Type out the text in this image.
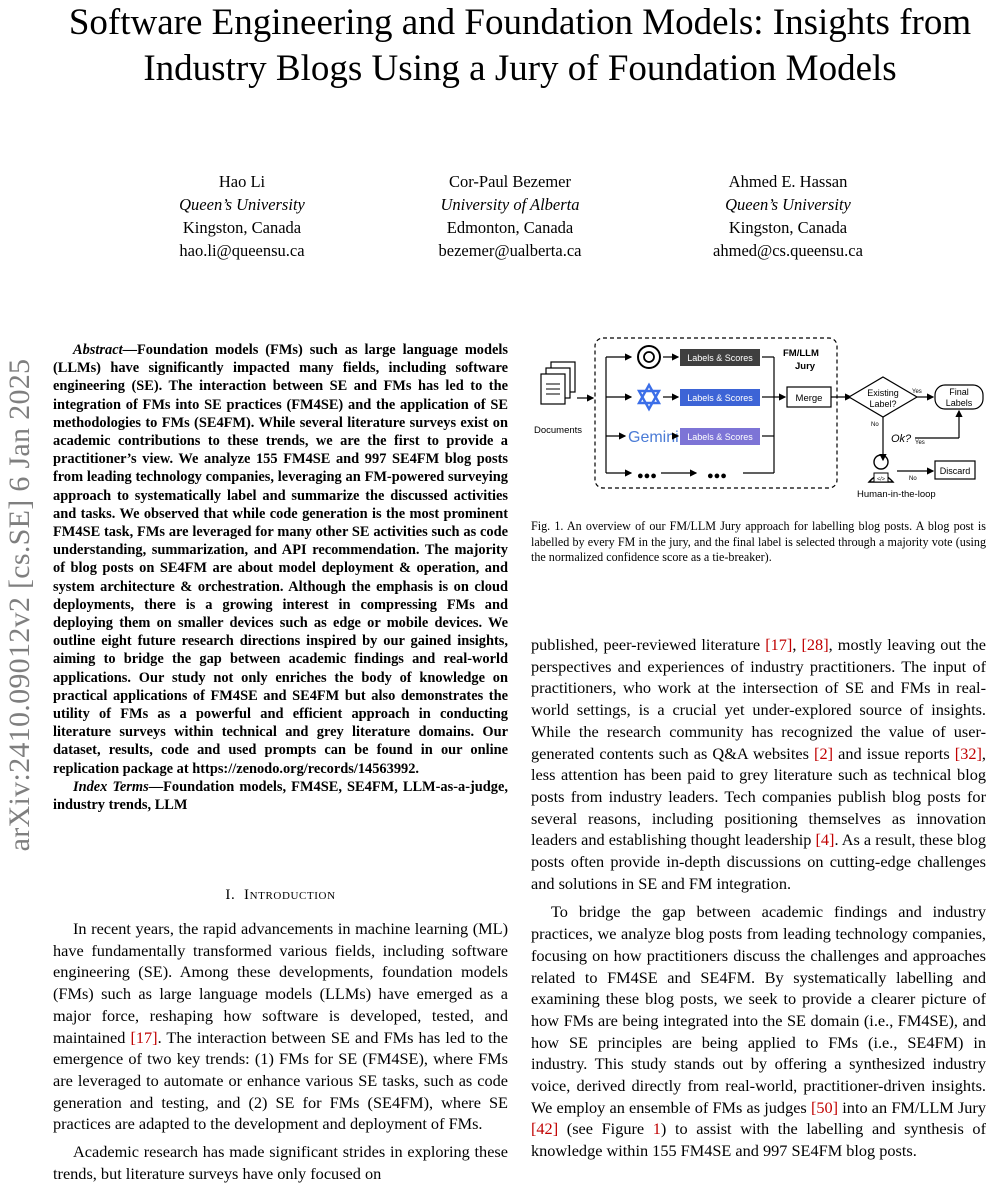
arXiv:2410.09012v2 [cs.SE] 6 Jan 2025
Software Engineering and Foundation Models: Insights from Industry Blogs Using a Jury of Foundation Models
Hao Li
Queen’s University
Kingston, Canada
hao.li@queensu.ca
Cor-Paul Bezemer
University of Alberta
Edmonton, Canada
bezemer@ualberta.ca
Ahmed E. Hassan
Queen’s University
Kingston, Canada
ahmed@cs.queensu.ca
Abstract—Foundation models (FMs) such as large language models (LLMs) have significantly impacted many fields, including software engineering (SE). The interaction between SE and FMs has led to the integration of FMs into SE practices (FM4SE) and the application of SE methodologies to FMs (SE4FM). While several literature surveys exist on academic contributions to these trends, we are the first to provide a practitioner’s view. We analyze 155 FM4SE and 997 SE4FM blog posts from leading technology companies, leveraging an FM-powered surveying approach to systematically label and summarize the discussed activities and tasks. We observed that while code generation is the most prominent FM4SE task, FMs are leveraged for many other SE activities such as code understanding, summarization, and API recommendation. The majority of blog posts on SE4FM are about model deployment & operation, and system architecture & orchestration. Although the emphasis is on cloud deployments, there is a growing interest in compressing FMs and deploying them on smaller devices such as edge or mobile devices. We outline eight future research directions inspired by our gained insights, aiming to bridge the gap between academic findings and real-world applications. Our study not only enriches the body of knowledge on practical applications of FM4SE and SE4FM but also demonstrates the utility of FMs as a powerful and efficient approach in conducting literature surveys within technical and grey literature domains. Our dataset, results, code and used prompts can be found in our online replication package at https://zenodo.org/records/14563992.
Index Terms—Foundation models, FM4SE, SE4FM, LLM-as-a-judge, industry trends, LLM
I. Introduction

In recent years, the rapid advancements in machine learning (ML) have fundamentally transformed various fields, including software engineering (SE). Among these developments, foundation models (FMs) such as large language models (LLMs) have emerged as a major force, reshaping how software is developed, tested, and maintained [17]. The interaction between SE and FMs has led to the emergence of two key trends: (1) FMs for SE (FM4SE), where FMs are leveraged to automate or enhance various SE tasks, such as code generation and testing, and (2) SE for FMs (SE4FM), where SE practices are adapted to the development and deployment of FMs.

Academic research has made significant strides in exploring these trends, but literature surveys have only focused on

Documents
FM/LLM
Jury
Gemini
●●●
Labels & Scores
Labels & Scores
Labels & Scores
●●●
Merge	Existing
Label?
Yes	Final
Labels
No
Ok? Yes
</>	No
Discard
Human-in-the-loop
Fig. 1. An overview of our FM/LLM Jury approach for labelling blog posts. A blog post is labelled by every FM in the jury, and the final label is selected through a majority vote (using the normalized confidence score as a tie-breaker).

published, peer-reviewed literature [17], [28], mostly leaving out the perspectives and experiences of industry practitioners. The input of practitioners, who work at the intersection of SE and FMs in real-world settings, is a crucial yet under-explored source of insights. While the research community has recognized the value of user-generated contents such as Q&A websites [2] and issue reports [32], less attention has been paid to grey literature such as technical blog posts from industry leaders. Tech companies publish blog posts for several reasons, including positioning themselves as innovation leaders and establishing thought leadership [4]. As a result, these blog posts often provide in-depth discussions on cutting-edge challenges and solutions in SE and FM integration.

To bridge the gap between academic findings and industry practices, we analyze blog posts from leading technology companies, focusing on how practitioners discuss the challenges and approaches related to FM4SE and SE4FM. By systematically labelling and examining these blog posts, we seek to provide a clearer picture of how FMs are being integrated into the SE domain (i.e., FM4SE), and how SE principles are being applied to FMs (i.e., SE4FM) in industry. This study stands out by offering a synthesized industry voice, derived directly from real-world, practitioner-driven insights. We employ an ensemble of FMs as judges [50] into an FM/LLM Jury [42] (see Figure 1) to assist with the labelling and synthesis of knowledge within 155 FM4SE and 997 SE4FM blog posts.
